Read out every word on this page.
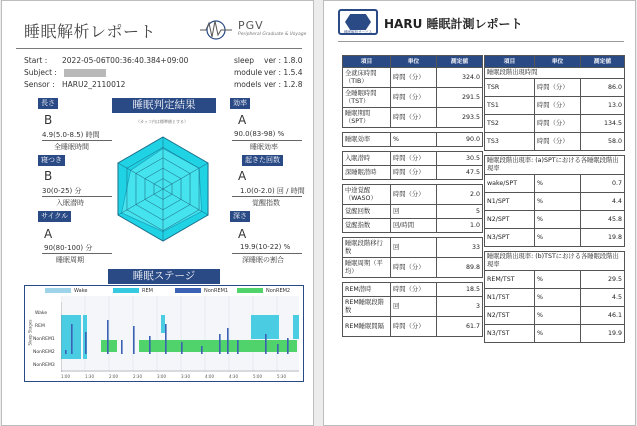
睡眠解析レポート	PGV
Peripheral Graduate & Voyage
Start : 2022-05-06T00:36:40.384+09:00
Subject :
Sensor : HARU2_2110012
sleep ver : 1.8.0
module ver : 1.5.4
models ver : 1.2.8
睡眠判定結果
（カッコ内は標準値とする）
長さ
B
4.9(5.0-8.5) 時間
全睡眠時間
寝つき
B
30(0-25) 分
入眠潜時
サイクル
A
90(80-100) 分
睡眠周期
効率
A
90.0(83-98) %
睡眠効率
起きた回数
A
1.0(0-2.0) 回 / 時間
覚醒指数
深さ
A
19.9(10-22) %
深睡眠の割合
睡眠ステージ
Wake	REM	NonREM1	NonREM2
Sleep Stages
Wake
REM
NonREM1
NonREM2
NonREM3
1:00	1:30	2:00	2:30	3:00	3:30	4:00	4:30	5:00	5:30
睡眠解析サービス
HARU 睡眠計測レポート
項目	単位	測定値
全就床時間（TIB）	時間（分）	324.0
全睡眠時間（TST）	時間（分）	291.5
睡眠期間（SPT）	時間（分）	293.5

睡眠効率	%	90.0

入眠潜時	時間（分）	30.5
深睡眠潜時	時間（分）	47.5

中途覚醒（WASO）	時間（分）	2.0
覚醒回数	回	5
覚醒指数	回/時間	1.0

睡眠段階移行数	回	33
睡眠周期（平均）	時間（分）	89.8

REM潜時	時間（分）	18.5
REM睡眠段階数	回	3
REM睡眠間隔	時間（分）	61.7
項目	単位	測定値
睡眠段階出現時間		
TSR	時間（分）	86.0
TS1	時間（分）	13.0
TS2	時間（分）	134.5
TS3	時間（分）	58.0

睡眠段階出現率: (a)SPTにおける各睡眠段階出現率		
wake/SPT	%	0.7
N1/SPT	%	4.4
N2/SPT	%	45.8
N3/SPT	%	19.8

睡眠段階出現率: (b)TSTにおける各睡眠段階出現率		
REM/TST	%	29.5
N1/TST	%	4.5
N2/TST	%	46.1
N3/TST	%	19.9
